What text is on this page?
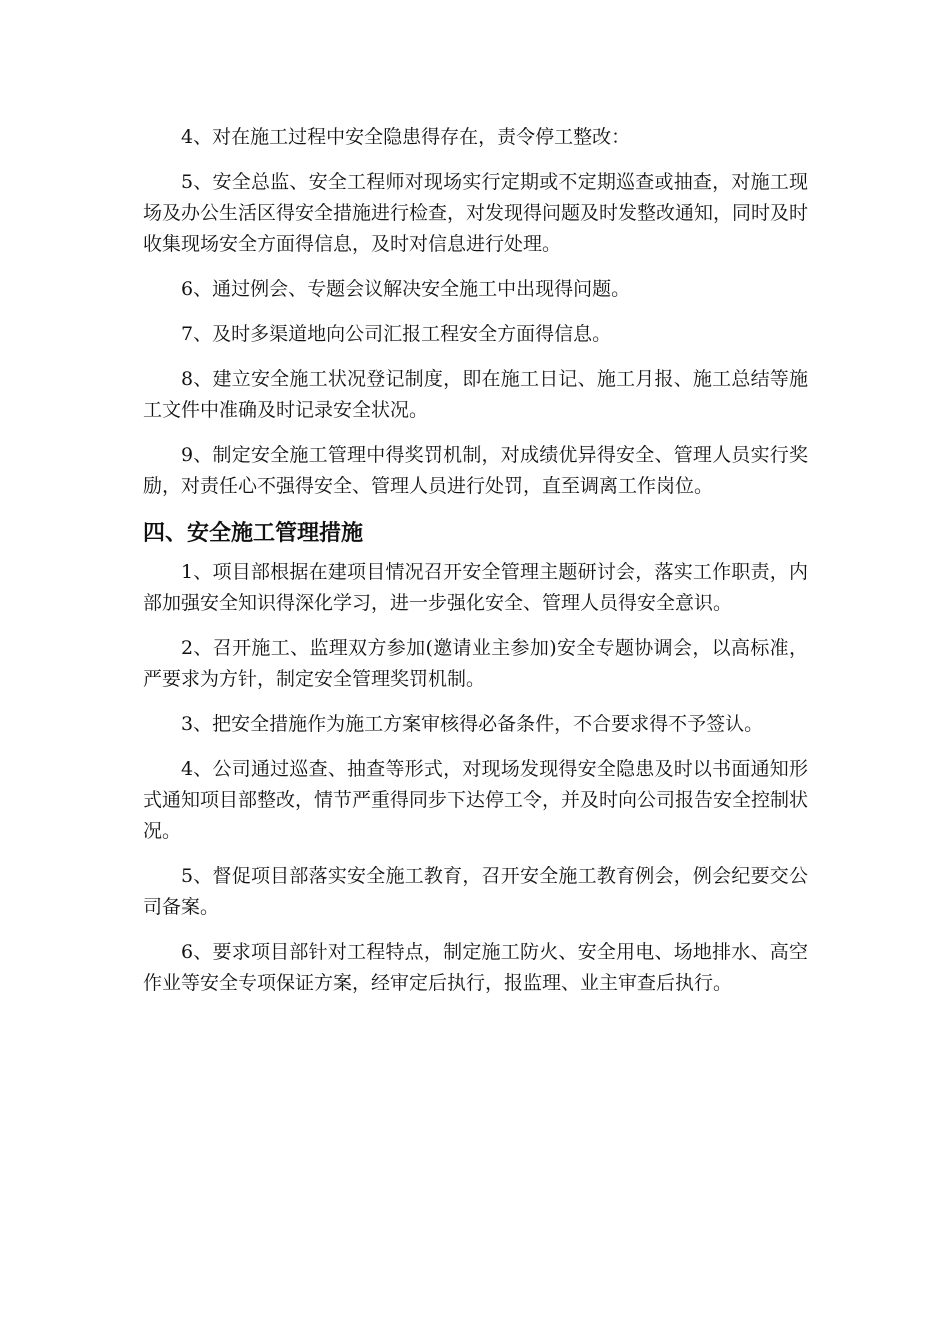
4、对在施工过程中安全隐患得存在，责令停工整改：

5、安全总监、安全工程师对现场实行定期或不定期巡查或抽查，对施工现场及办公生活区得安全措施进行检查，对发现得问题及时发整改通知，同时及时收集现场安全方面得信息，及时对信息进行处理。

6、通过例会、专题会议解决安全施工中出现得问题。

7、及时多渠道地向公司汇报工程安全方面得信息。

8、建立安全施工状况登记制度，即在施工日记、施工月报、施工总结等施工文件中准确及时记录安全状况。

9、制定安全施工管理中得奖罚机制，对成绩优异得安全、管理人员实行奖励，对责任心不强得安全、管理人员进行处罚，直至调离工作岗位。

四、安全施工管理措施

1、项目部根据在建项目情况召开安全管理主题研讨会，落实工作职责，内部加强安全知识得深化学习，进一步强化安全、管理人员得安全意识。

2、召开施工、监理双方参加(邀请业主参加)安全专题协调会，以高标准，严要求为方针，制定安全管理奖罚机制。

3、把安全措施作为施工方案审核得必备条件，不合要求得不予签认。

4、公司通过巡查、抽查等形式，对现场发现得安全隐患及时以书面通知形式通知项目部整改，情节严重得同步下达停工令，并及时向公司报告安全控制状况。

5、督促项目部落实安全施工教育，召开安全施工教育例会，例会纪要交公司备案。

6、要求项目部针对工程特点，制定施工防火、安全用电、场地排水、高空作业等安全专项保证方案，经审定后执行，报监理、业主审查后执行。
